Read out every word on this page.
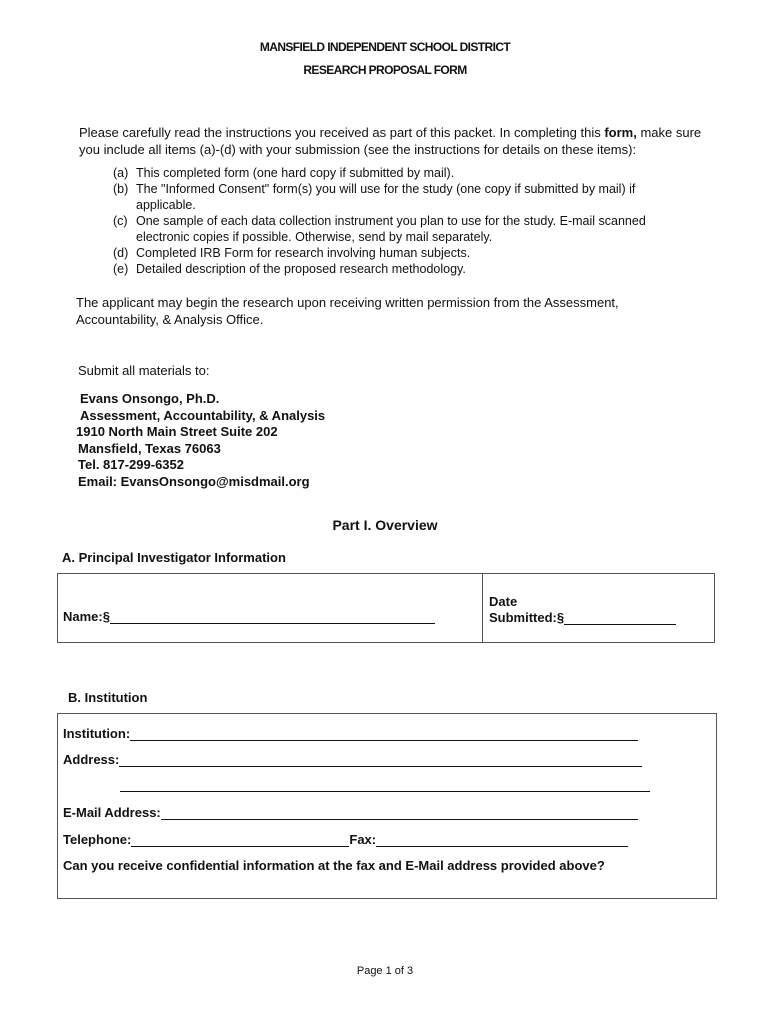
MANSFIELD INDEPENDENT SCHOOL DISTRICT
RESEARCH PROPOSAL FORM
Please carefully read the instructions you received as part of this packet. In completing this form, make sure you include all items (a)-(d) with your submission (see the instructions for details on these items):
(a) This completed form (one hard copy if submitted by mail).
(b) The "Informed Consent" form(s) you will use for the study (one copy if submitted by mail) if applicable.
(c) One sample of each data collection instrument you plan to use for the study. E-mail scanned electronic copies if possible. Otherwise, send by mail separately.
(d) Completed IRB Form for research involving human subjects.
(e) Detailed description of the proposed research methodology.
The applicant may begin the research upon receiving written permission from the Assessment, Accountability, & Analysis Office.
Submit all materials to:
Evans Onsongo, Ph.D.
Assessment, Accountability, & Analysis
1910 North Main Street Suite 202
Mansfield, Texas 76063
Tel. 817-299-6352
Email: EvansOnsongo@misdmail.org
Part I. Overview
A. Principal Investigator Information
Name:§
Date
Submitted:§
B. Institution
Institution:
Address:
E-Mail Address:
Telephone:	Fax:
Can you receive confidential information at the fax and E-Mail address provided above?
Page 1 of 3
